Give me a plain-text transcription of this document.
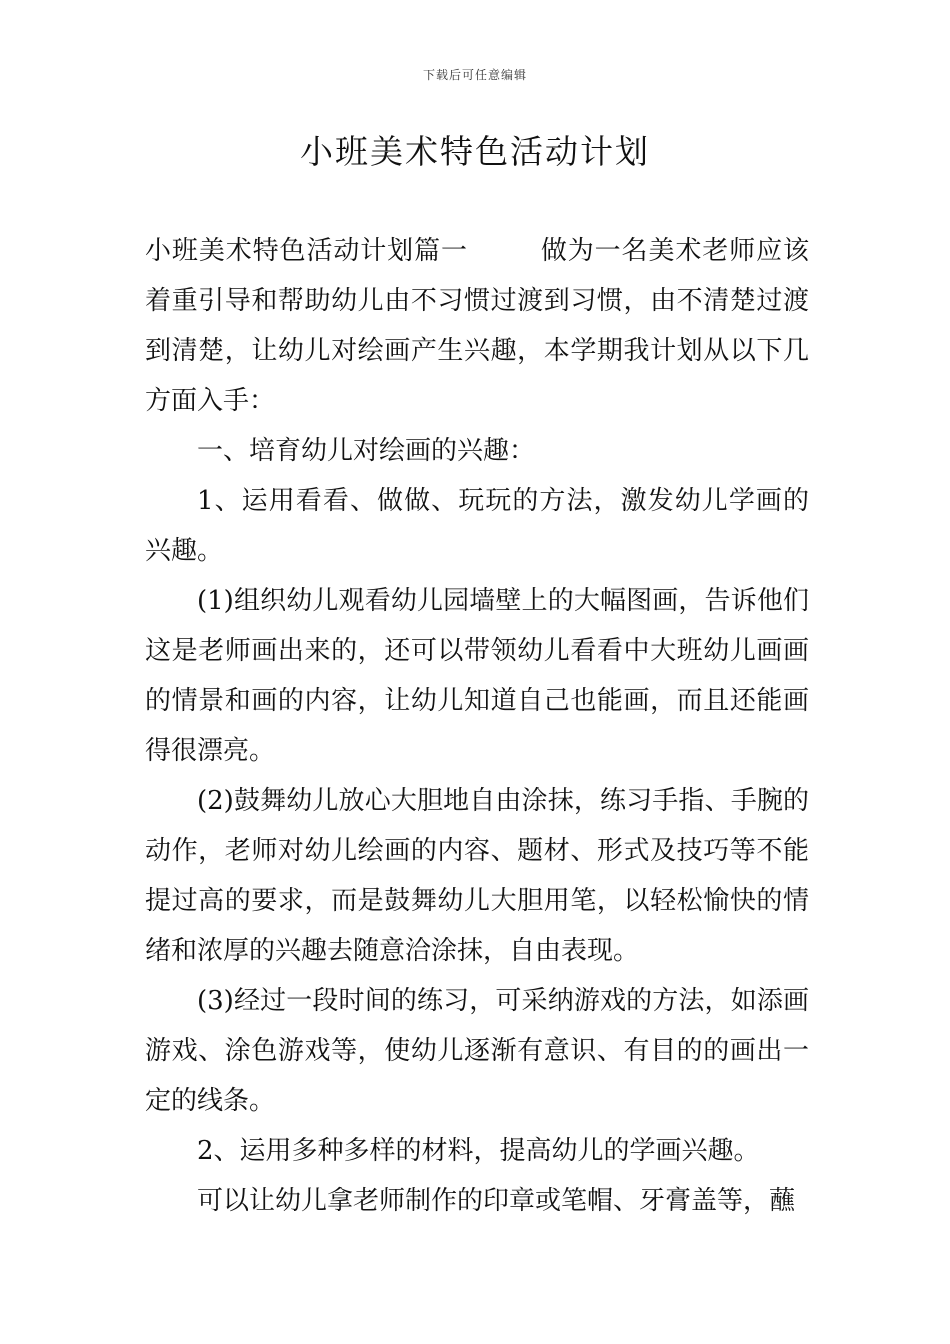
下载后可任意编辑
小班美术特色活动计划

小班美术特色活动计划篇一	做为一名美术老师应该着重引导和帮助幼儿由不习惯过渡到习惯，由不清楚过渡到清楚，让幼儿对绘画产生兴趣，本学期我计划从以下几方面入手：

一、培育幼儿对绘画的兴趣：

1、运用看看、做做、玩玩的方法，激发幼儿学画的兴趣。

(1)组织幼儿观看幼儿园墙壁上的大幅图画，告诉他们这是老师画出来的，还可以带领幼儿看看中大班幼儿画画的情景和画的内容，让幼儿知道自己也能画，而且还能画得很漂亮。

(2)鼓舞幼儿放心大胆地自由涂抹，练习手指、手腕的动作，老师对幼儿绘画的内容、题材、形式及技巧等不能提过高的要求，而是鼓舞幼儿大胆用笔，以轻松愉快的情绪和浓厚的兴趣去随意洽涂抹，自由表现。

(3)经过一段时间的练习，可采纳游戏的方法，如添画游戏、涂色游戏等，使幼儿逐渐有意识、有目的的画出一定的线条。

2、运用多种多样的材料，提高幼儿的学画兴趣。

可以让幼儿拿老师制作的印章或笔帽、牙膏盖等，蘸
